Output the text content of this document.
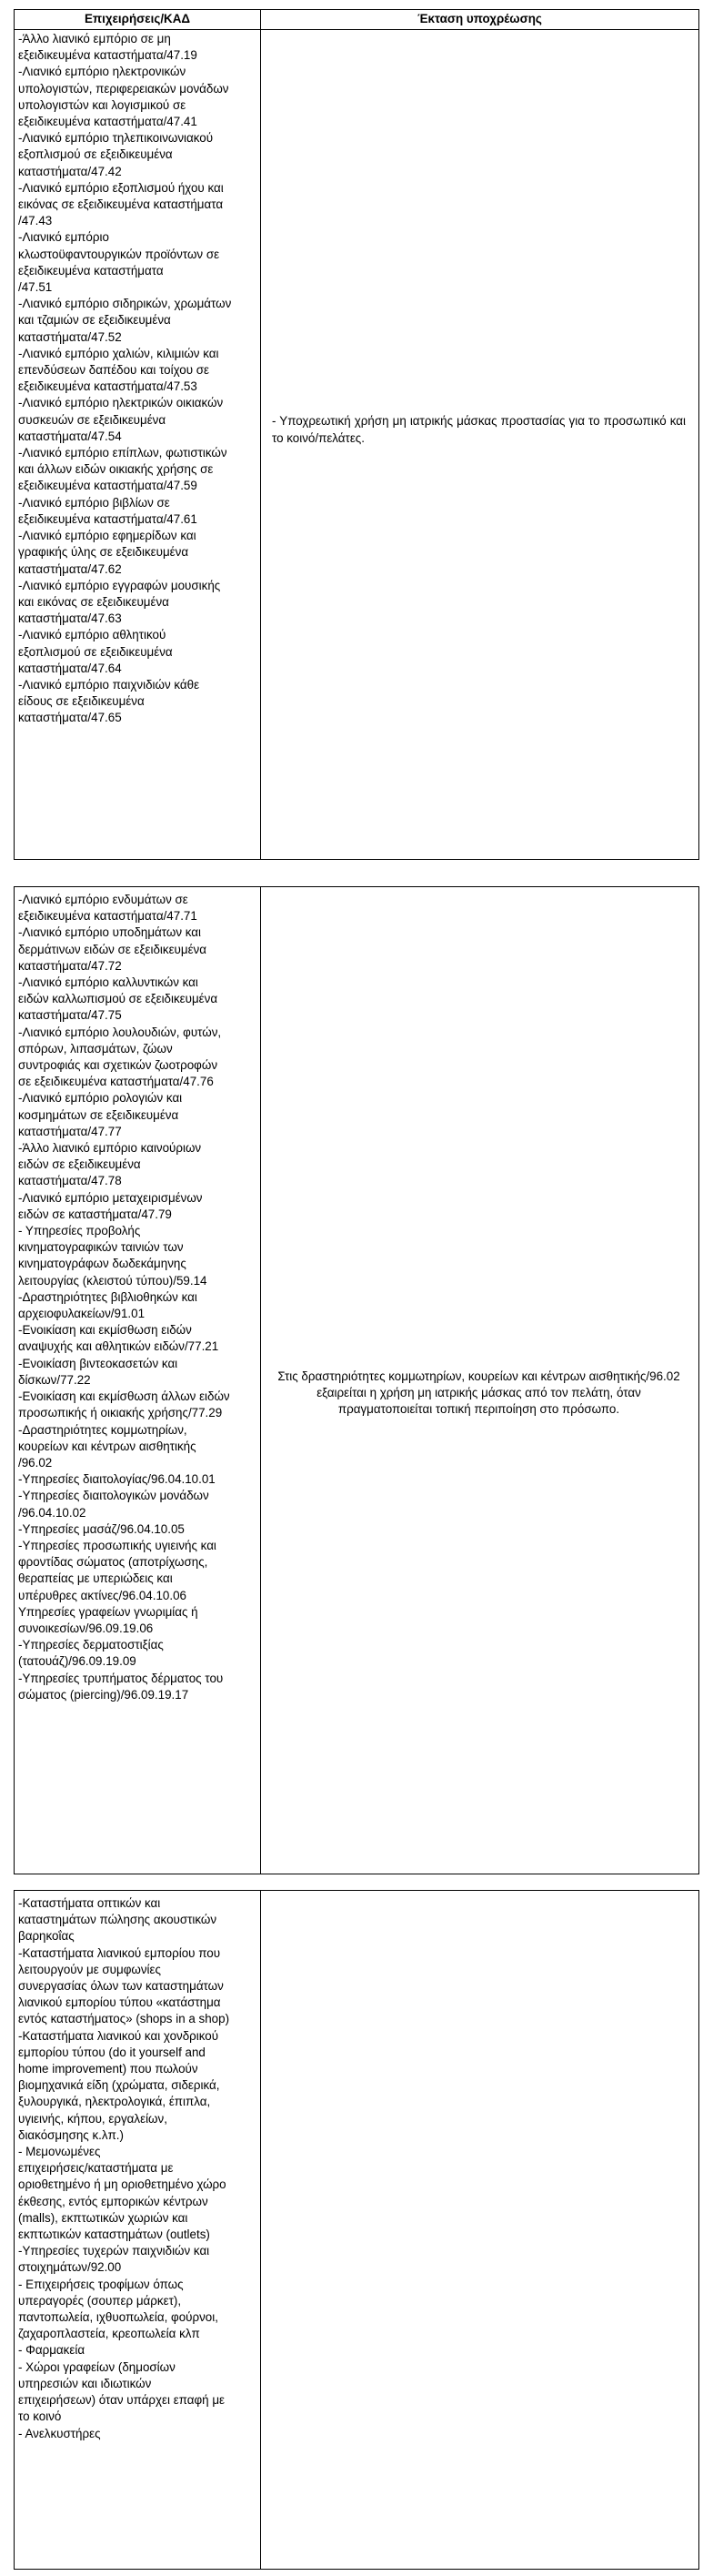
Επιχειρήσεις/ΚΑΔ	Έκταση υποχρέωσης
-Άλλο λιανικό εμπόριο σε μη
εξειδικευμένα καταστήματα/47.19
-Λιανικό εμπόριο ηλεκτρονικών
υπολογιστών, περιφερειακών μονάδων
υπολογιστών και λογισμικού σε
εξειδικευμένα καταστήματα/47.41
-Λιανικό εμπόριο τηλεπικοινωνιακού
εξοπλισμού σε εξειδικευμένα
καταστήματα/47.42
-Λιανικό εμπόριο εξοπλισμού ήχου και
εικόνας σε εξειδικευμένα καταστήματα
/47.43
-Λιανικό εμπόριο
κλωστοϋφαντουργικών προϊόντων σε
εξειδικευμένα καταστήματα
/47.51
-Λιανικό εμπόριο σιδηρικών, χρωμάτων
και τζαμιών σε εξειδικευμένα
καταστήματα/47.52
-Λιανικό εμπόριο χαλιών, κιλιμιών και
επενδύσεων δαπέδου και τοίχου σε
εξειδικευμένα καταστήματα/47.53
-Λιανικό εμπόριο ηλεκτρικών οικιακών
συσκευών σε εξειδικευμένα
καταστήματα/47.54
-Λιανικό εμπόριο επίπλων, φωτιστικών
και άλλων ειδών οικιακής χρήσης σε
εξειδικευμένα καταστήματα/47.59
-Λιανικό εμπόριο βιβλίων σε
εξειδικευμένα καταστήματα/47.61
-Λιανικό εμπόριο εφημερίδων και
γραφικής ύλης σε εξειδικευμένα
καταστήματα/47.62
-Λιανικό εμπόριο εγγραφών μουσικής
και εικόνας σε εξειδικευμένα
καταστήματα/47.63
-Λιανικό εμπόριο αθλητικού
εξοπλισμού σε εξειδικευμένα
καταστήματα/47.64
-Λιανικό εμπόριο παιχνιδιών κάθε
είδους σε εξειδικευμένα
καταστήματα/47.65
- Υποχρεωτική χρήση μη ιατρικής μάσκας προστασίας για το προσωπικό και το κοινό/πελάτες.
-Λιανικό εμπόριο ενδυμάτων σε
εξειδικευμένα καταστήματα/47.71
-Λιανικό εμπόριο υποδημάτων και
δερμάτινων ειδών σε εξειδικευμένα
καταστήματα/47.72
-Λιανικό εμπόριο καλλυντικών και
ειδών καλλωπισμού σε εξειδικευμένα
καταστήματα/47.75
-Λιανικό εμπόριο λουλουδιών, φυτών,
σπόρων, λιπασμάτων, ζώων
συντροφιάς και σχετικών ζωοτροφών
σε εξειδικευμένα καταστήματα/47.76
-Λιανικό εμπόριο ρολογιών και
κοσμημάτων σε εξειδικευμένα
καταστήματα/47.77
-Άλλο λιανικό εμπόριο καινούριων
ειδών σε εξειδικευμένα
καταστήματα/47.78
-Λιανικό εμπόριο μεταχειρισμένων
ειδών σε καταστήματα/47.79
- Υπηρεσίες προβολής
κινηματογραφικών ταινιών των
κινηματογράφων δωδεκάμηνης
λειτουργίας (κλειστού τύπου)/59.14
-Δραστηριότητες βιβλιοθηκών και
αρχειοφυλακείων/91.01
-Ενοικίαση και εκμίσθωση ειδών
αναψυχής και αθλητικών ειδών/77.21
-Ενοικίαση βιντεοκασετών και
δίσκων/77.22
-Ενοικίαση και εκμίσθωση άλλων ειδών
προσωπικής ή οικιακής χρήσης/77.29
-Δραστηριότητες κομμωτηρίων,
κουρείων και κέντρων αισθητικής
/96.02
-Υπηρεσίες διαιτολογίας/96.04.10.01
-Υπηρεσίες διαιτολογικών μονάδων
/96.04.10.02
-Υπηρεσίες μασάζ/96.04.10.05
-Υπηρεσίες προσωπικής υγιεινής και
φροντίδας σώματος (αποτρίχωσης,
θεραπείας με υπεριώδεις και
υπέρυθρες ακτίνες/96.04.10.06
Υπηρεσίες γραφείων γνωριμίας ή
συνοικεσίων/96.09.19.06
-Υπηρεσίες δερματοστιξίας
(τατουάζ)/96.09.19.09
-Υπηρεσίες τρυπήματος δέρματος του
σώματος (piercing)/96.09.19.17
Στις δραστηριότητες κομμωτηρίων, κουρείων και κέντρων αισθητικής/96.02 εξαιρείται η χρήση μη ιατρικής μάσκας από τον πελάτη, όταν πραγματοποιείται τοπική περιποίηση στο πρόσωπο.
-Καταστήματα οπτικών και
καταστημάτων πώλησης ακουστικών
βαρηκοΐας
-Καταστήματα λιανικού εμπορίου που
λειτουργούν με συμφωνίες
συνεργασίας όλων των καταστημάτων
λιανικού εμπορίου τύπου «κατάστημα
εντός καταστήματος» (shops in a shop)
-Καταστήματα λιανικού και χονδρικού
εμπορίου τύπου (do it yourself and
home improvement) που πωλούν
βιομηχανικά είδη (χρώματα, σιδερικά,
ξυλουργικά, ηλεκτρολογικά, έπιπλα,
υγιεινής, κήπου, εργαλείων,
διακόσμησης κ.λπ.)
- Μεμονωμένες
επιχειρήσεις/καταστήματα με
οριοθετημένο ή μη οριοθετημένο χώρο
έκθεσης, εντός εμπορικών κέντρων
(malls), εκπτωτικών χωριών και
εκπτωτικών καταστημάτων (outlets)
-Υπηρεσίες τυχερών παιχνιδιών και
στοιχημάτων/92.00
- Επιχειρήσεις τροφίμων όπως
υπεραγορές (σουπερ μάρκετ),
παντοπωλεία, ιχθυοπωλεία, φούρνοι,
ζαχαροπλαστεία, κρεοπωλεία κλπ
- Φαρμακεία
- Χώροι γραφείων (δημοσίων
υπηρεσιών και ιδιωτικών
επιχειρήσεων) όταν υπάρχει επαφή με
το κοινό
- Ανελκυστήρες
